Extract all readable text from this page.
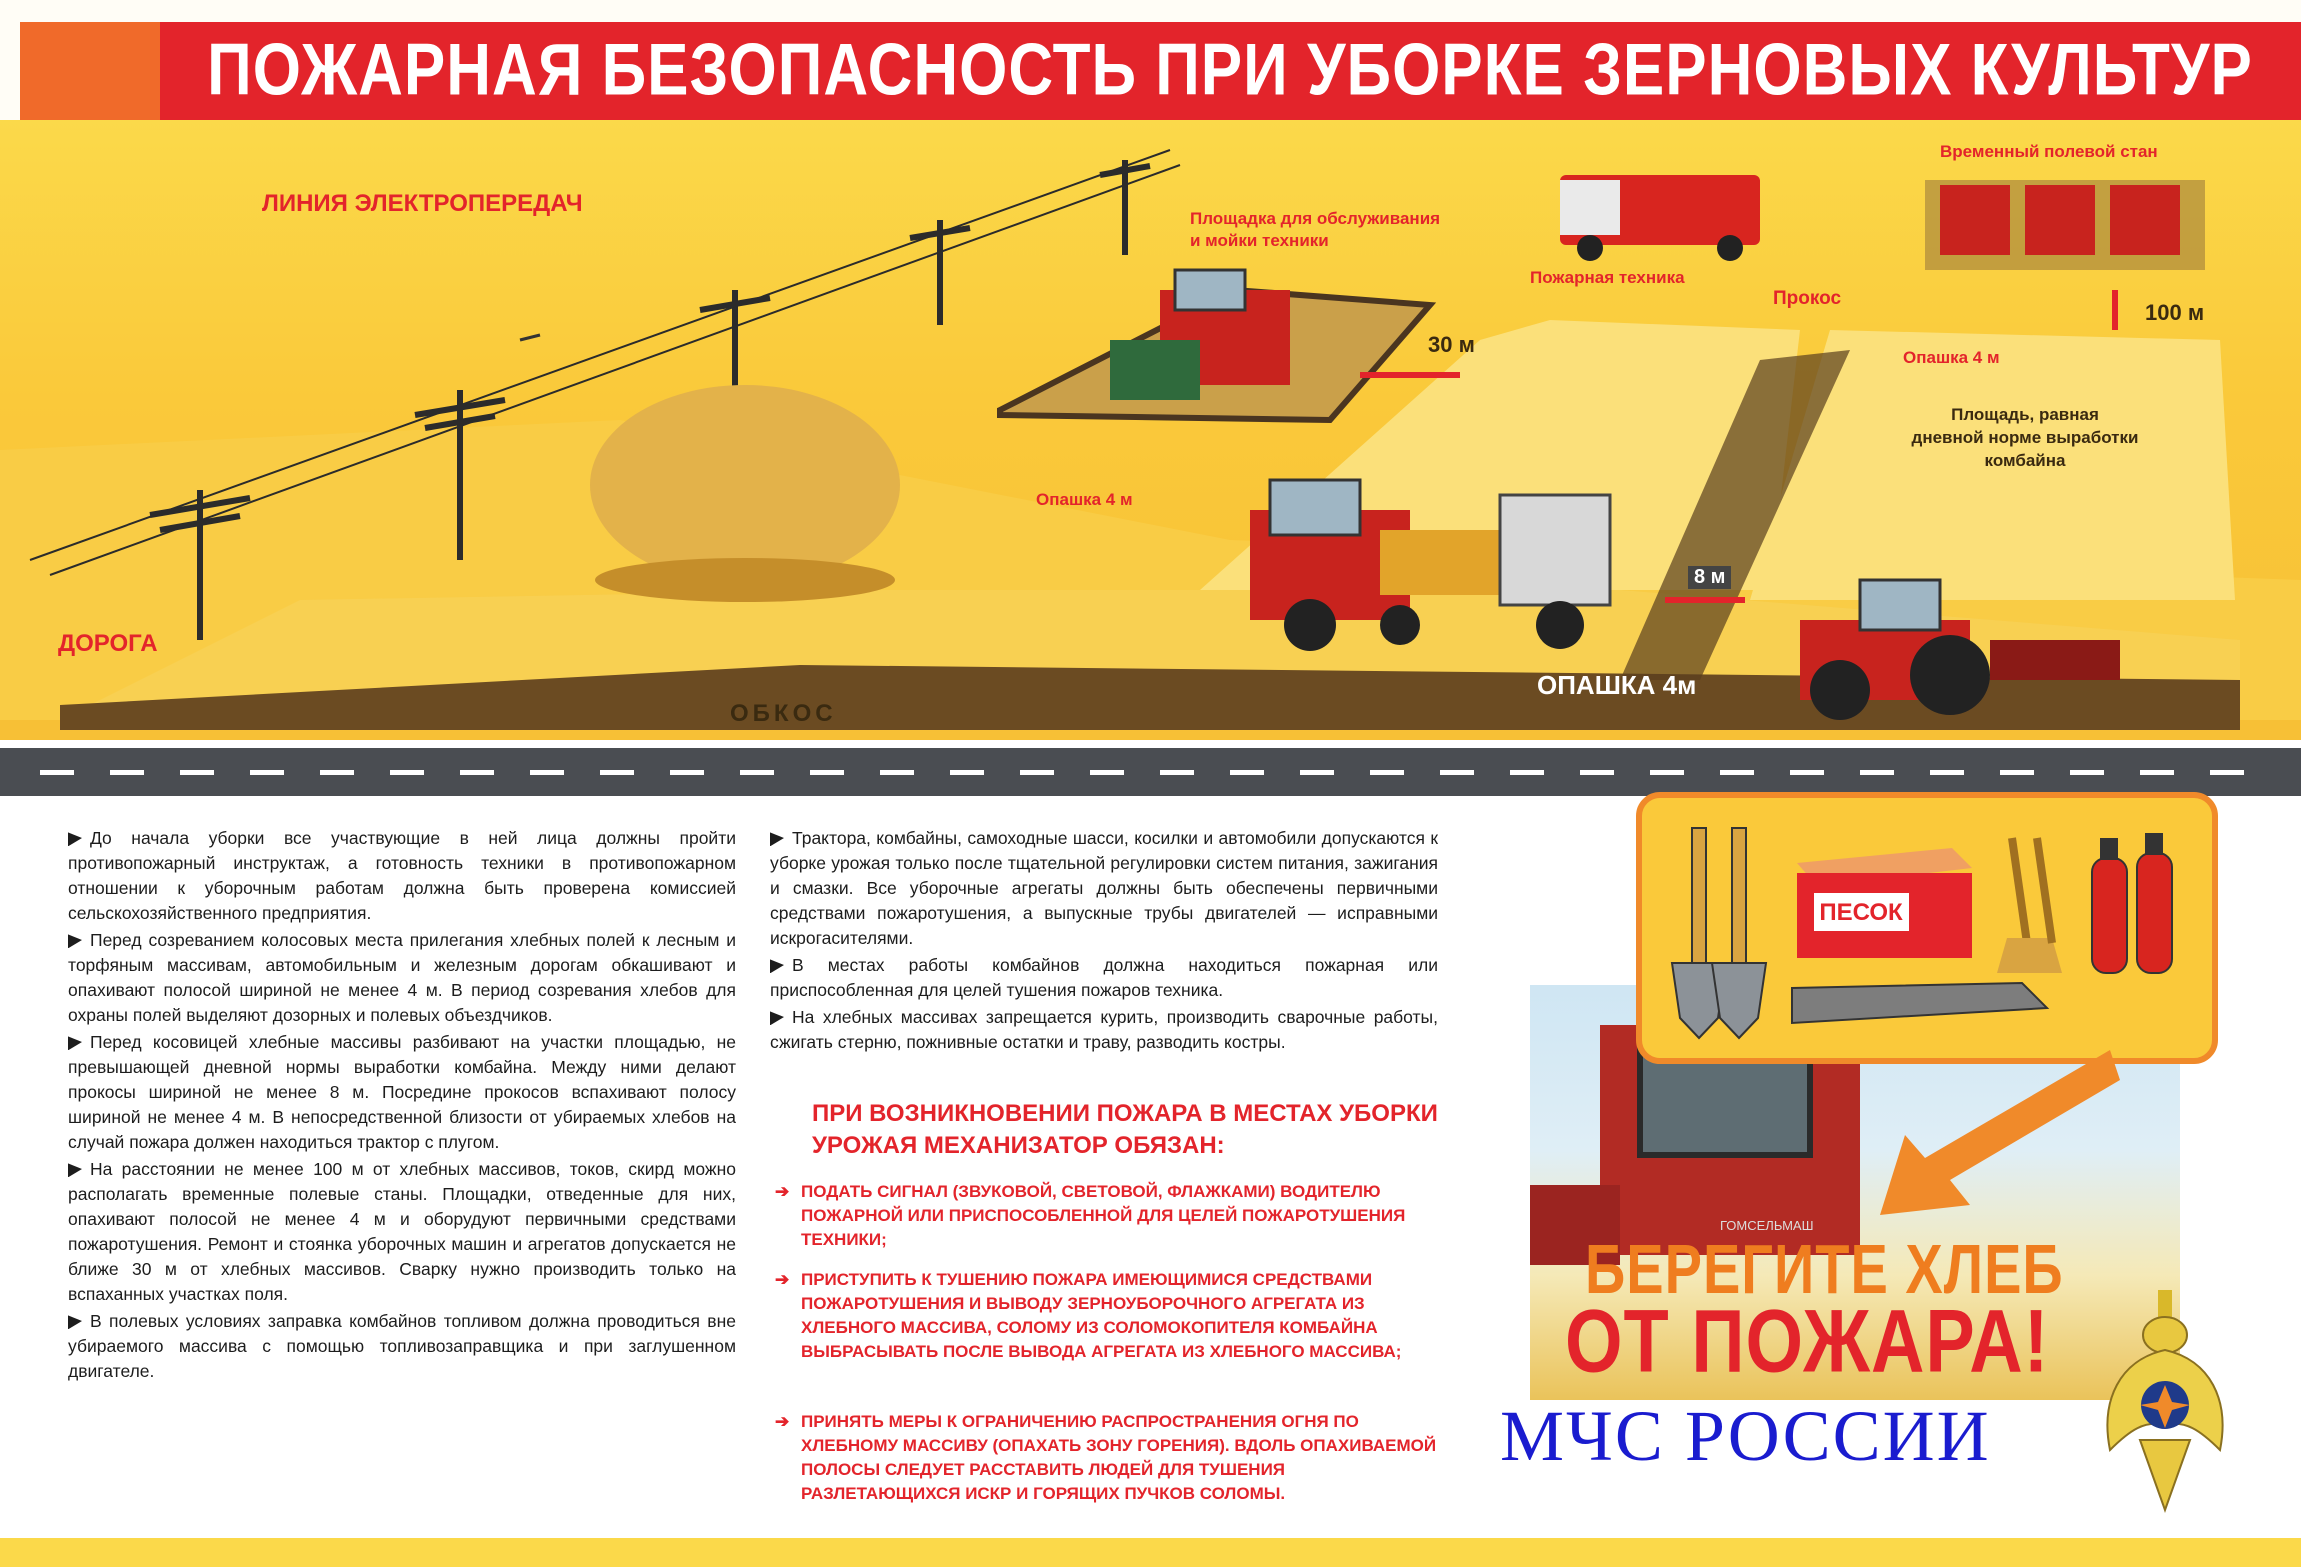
ПОЖАРНАЯ БЕЗОПАСНОСТЬ ПРИ УБОРКЕ ЗЕРНОВЫХ КУЛЬТУР
ЛИНИЯ ЭЛЕКТРОПЕРЕДАЧ
ДОРОГА
ОБКОС
Площадка для обслуживания
и мойки техники
Пожарная техника
Временный полевой стан
Прокос
100 м
30 м
8 м
Опашка 4 м
Опашка 4 м
ОПАШКА 4м
Площадь, равная
дневной норме выработки
комбайна

До начала уборки все участвующие в ней лица должны пройти противопожарный инструктаж, а готовность техники в противопожарном отношении к уборочным работам должна быть проверена комиссией сельскохозяйственного предприятия.

Перед созреванием колосовых места прилегания хлебных полей к лесным и торфяным массивам, автомобильным и железным дорогам обкашивают и опахивают полосой шириной не менее 4 м. В период созревания хлебов для охраны полей выделяют дозорных и полевых объездчиков.

Перед косовицей хлебные массивы разбивают на участки площадью, не превышающей дневной нормы выработки комбайна. Между ними делают прокосы шириной не менее 8 м. Посредине прокосов вспахивают полосу шириной не менее 4 м. В непосредственной близости от убираемых хлебов на случай пожара должен находиться трактор с плугом.

На расстоянии не менее 100 м от хлебных массивов, токов, скирд можно располагать временные полевые станы. Площадки, отведенные для них, опахивают полосой не менее 4 м и оборудуют первичными средствами пожаротушения. Ремонт и стоянка уборочных машин и агрегатов допускается не ближе 30 м от хлебных массивов. Сварку нужно производить только на вспаханных участках поля.

В полевых условиях заправка комбайнов топливом должна проводиться вне убираемого массива с помощью топливозаправщика и при заглушенном двигателе.

Трактора, комбайны, самоходные шасси, косилки и автомобили допускаются к уборке урожая только после тщательной регулировки систем питания, зажигания и смазки. Все уборочные агрегаты должны быть обеспечены первичными средствами пожаротушения, а выпускные трубы двигателей — исправными искрогасителями.

В местах работы комбайнов должна находиться пожарная или приспособленная для целей тушения пожаров техника.

На хлебных массивах запрещается курить, производить сварочные работы, сжигать стерню, пожнивные остатки и траву, разводить костры.

ПРИ ВОЗНИКНОВЕНИИ ПОЖАРА В МЕСТАХ УБОРКИ УРОЖАЯ МЕХАНИЗАТОР ОБЯЗАН:
➔ ПОДАТЬ СИГНАЛ (ЗВУКОВОЙ, СВЕТОВОЙ, ФЛАЖКАМИ) ВОДИТЕЛЮ ПОЖАРНОЙ ИЛИ ПРИСПОСОБЛЕННОЙ ДЛЯ ЦЕЛЕЙ ПОЖАРОТУШЕНИЯ ТЕХНИКИ;
➔ ПРИСТУПИТЬ К ТУШЕНИЮ ПОЖАРА ИМЕЮЩИМИСЯ СРЕДСТВАМИ ПОЖАРОТУШЕНИЯ И ВЫВОДУ ЗЕРНОУБОРОЧНОГО АГРЕГАТА ИЗ ХЛЕБНОГО МАССИВА, СОЛОМУ ИЗ СОЛОМОКОПИТЕЛЯ КОМБАЙНА ВЫБРАСЫВАТЬ ПОСЛЕ ВЫВОДА АГРЕГАТА ИЗ ХЛЕБНОГО МАССИВА;
➔ ПРИНЯТЬ МЕРЫ К ОГРАНИЧЕНИЮ РАСПРОСТРАНЕНИЯ ОГНЯ ПО ХЛЕБНОМУ МАССИВУ (ОПАХАТЬ ЗОНУ ГОРЕНИЯ). ВДОЛЬ ОПАХИВАЕМОЙ ПОЛОСЫ СЛЕДУЕТ РАССТАВИТЬ ЛЮДЕЙ ДЛЯ ТУШЕНИЯ РАЗЛЕТАЮЩИХСЯ ИСКР И ГОРЯЩИХ ПУЧКОВ СОЛОМЫ.
ГОМСЕЛЬМАШ
ПЕСОК
БЕРЕГИТЕ ХЛЕБ
ОТ ПОЖАРА!
МЧС РОССИИ
